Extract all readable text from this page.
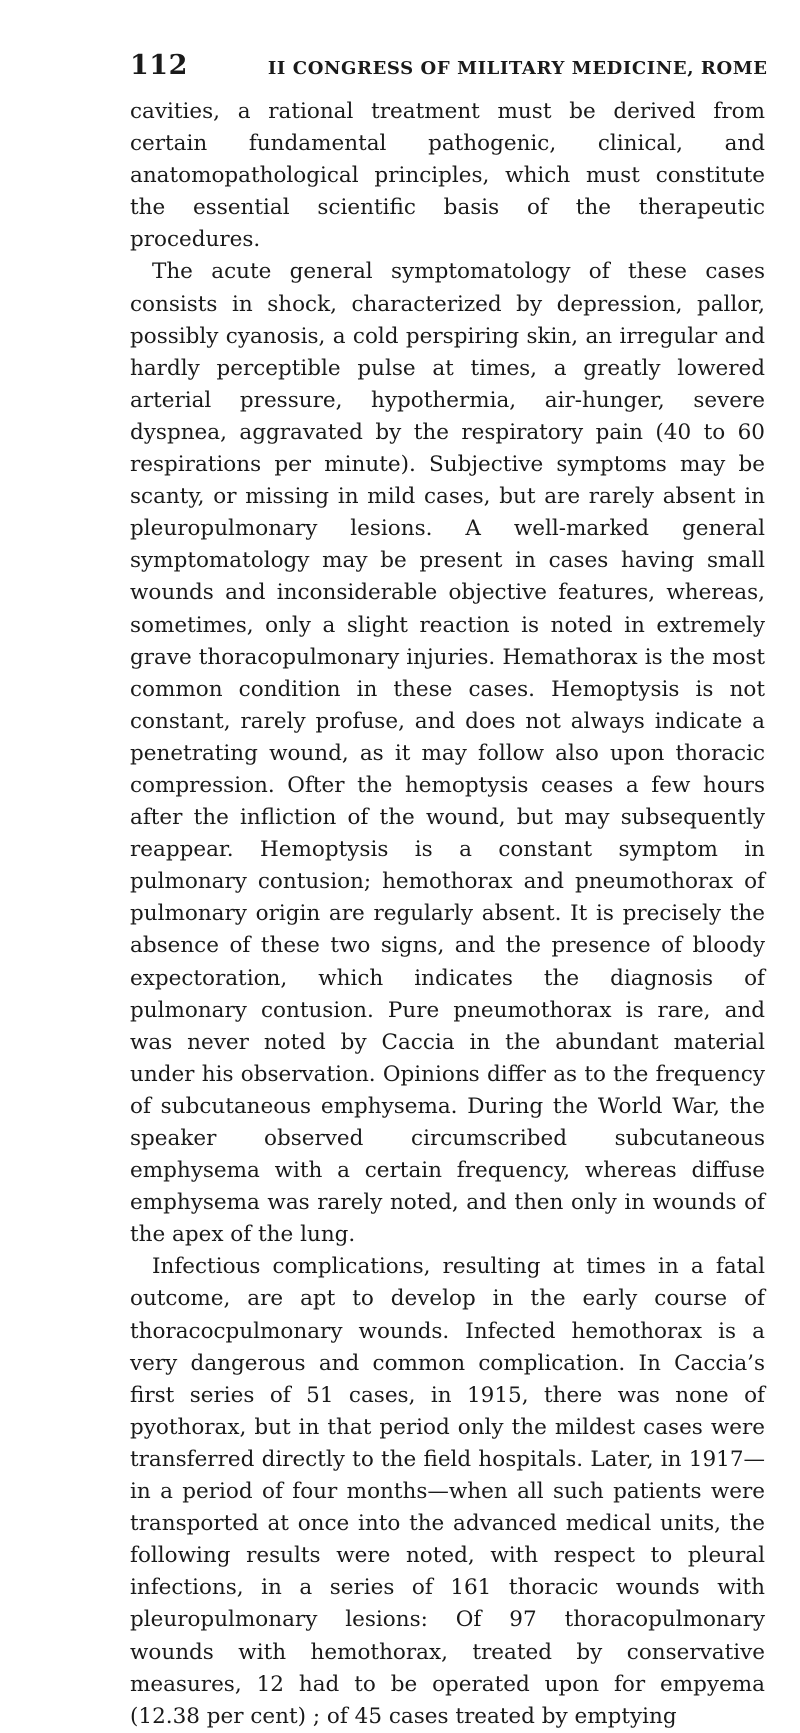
112	II CONGRESS OF MILITARY MEDICINE, ROME

cavities, a rational treatment must be derived from certain fundamental pathogenic, clinical, and anatomopathological principles, which must constitute the essential scientific basis of the therapeutic procedures.

The acute general symptomatology of these cases consists in shock, characterized by depression, pallor, possibly cyanosis, a cold perspiring skin, an irregular and hardly perceptible pulse at times, a greatly lowered arterial pressure, hypothermia, air-hunger, severe dyspnea, aggravated by the respiratory pain (40 to 60 respirations per minute). Subjective symptoms may be scanty, or missing in mild cases, but are rarely absent in pleuropulmonary lesions. A well-marked general symptomatology may be present in cases having small wounds and inconsiderable objective features, whereas, sometimes, only a slight reaction is noted in extremely grave thoracopulmonary injuries. Hemathorax is the most common condition in these cases. Hemoptysis is not constant, rarely profuse, and does not always indicate a penetrating wound, as it may follow also upon thoracic compression. Ofter the hemoptysis ceases a few hours after the infliction of the wound, but may subsequently reappear. Hemoptysis is a constant symptom in pulmonary contusion; hemothorax and pneumothorax of pulmonary origin are regularly absent. It is precisely the absence of these two signs, and the presence of bloody expectoration, which indicates the diagnosis of pulmonary contusion. Pure pneumothorax is rare, and was never noted by Caccia in the abundant material under his observation. Opinions differ as to the frequency of subcutaneous emphysema. During the World War, the speaker observed circumscribed subcutaneous emphysema with a certain frequency, whereas diffuse emphysema was rarely noted, and then only in wounds of the apex of the lung.

Infectious complications, resulting at times in a fatal outcome, are apt to develop in the early course of thoracocpulmonary wounds. Infected hemothorax is a very dangerous and common complication. In Caccia’s first series of 51 cases, in 1915, there was none of pyothorax, but in that period only the mildest cases were transferred directly to the field hospitals. Later, in 1917—in a period of four months—when all such patients were transported at once into the advanced medical units, the following results were noted, with respect to pleural infections, in a series of 161 thoracic wounds with pleuropulmonary lesions: Of 97 thoracopulmonary wounds with hemothorax, treated by conservative measures, 12 had to be operated upon for empyema (12.38 per cent) ; of 45 cases treated by emptying
